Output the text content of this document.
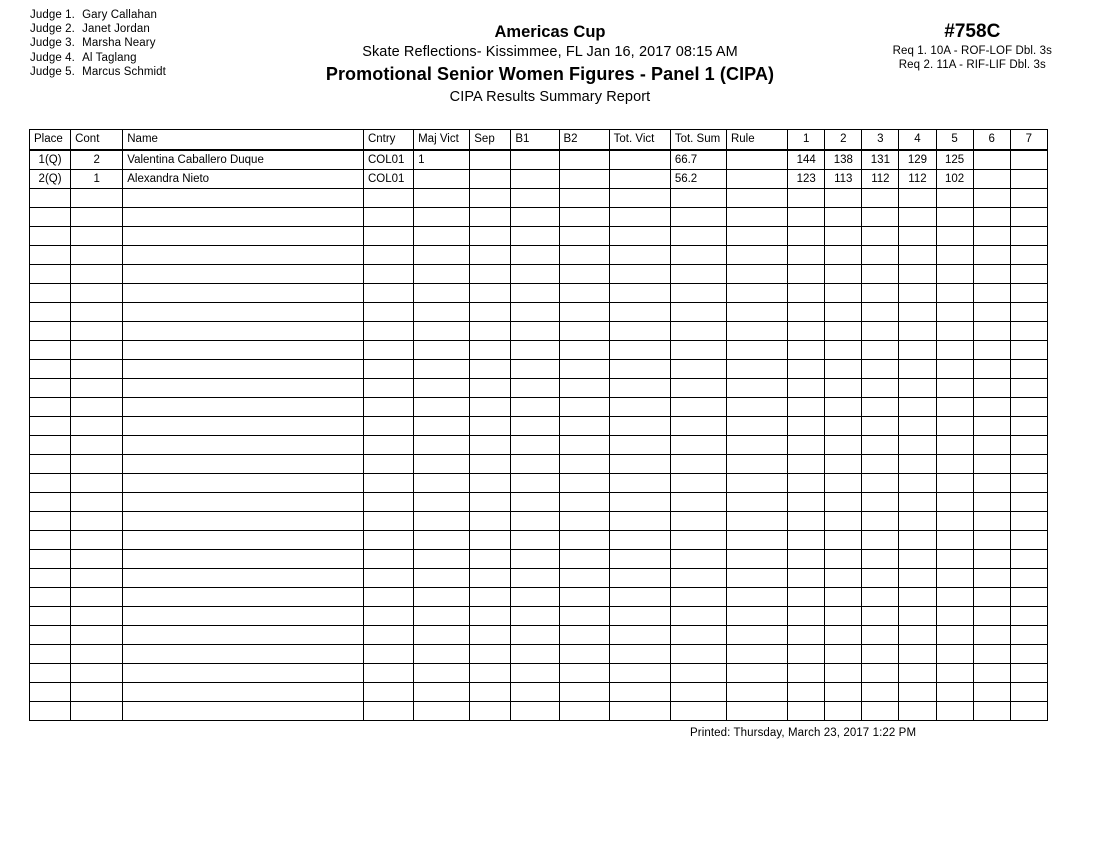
Judge 1. Gary Callahan
Judge 2. Janet Jordan
Judge 3. Marsha Neary
Judge 4. Al Taglang
Judge 5. Marcus Schmidt
Americas Cup
Skate Reflections- Kissimmee, FL Jan 16, 2017 08:15 AM
Promotional Senior Women Figures - Panel 1 (CIPA)
CIPA Results Summary Report
#758C
Req 1. 10A - ROF-LOF Dbl. 3s
Req 2. 11A - RIF-LIF Dbl. 3s
Place	Cont	Name	Cntry	Maj Vict	Sep	B1	B2	Tot. Vict	Tot. Sum	Rule	1	2	3	4	5	6	7
1(Q)	2	Valentina Caballero Duque	COL01	1					66.7		144	138	131	129	125		
2(Q)	1	Alexandra Nieto	COL01						56.2		123	113	112	112	102		

Printed: Thursday, March 23, 2017 1:22 PM
